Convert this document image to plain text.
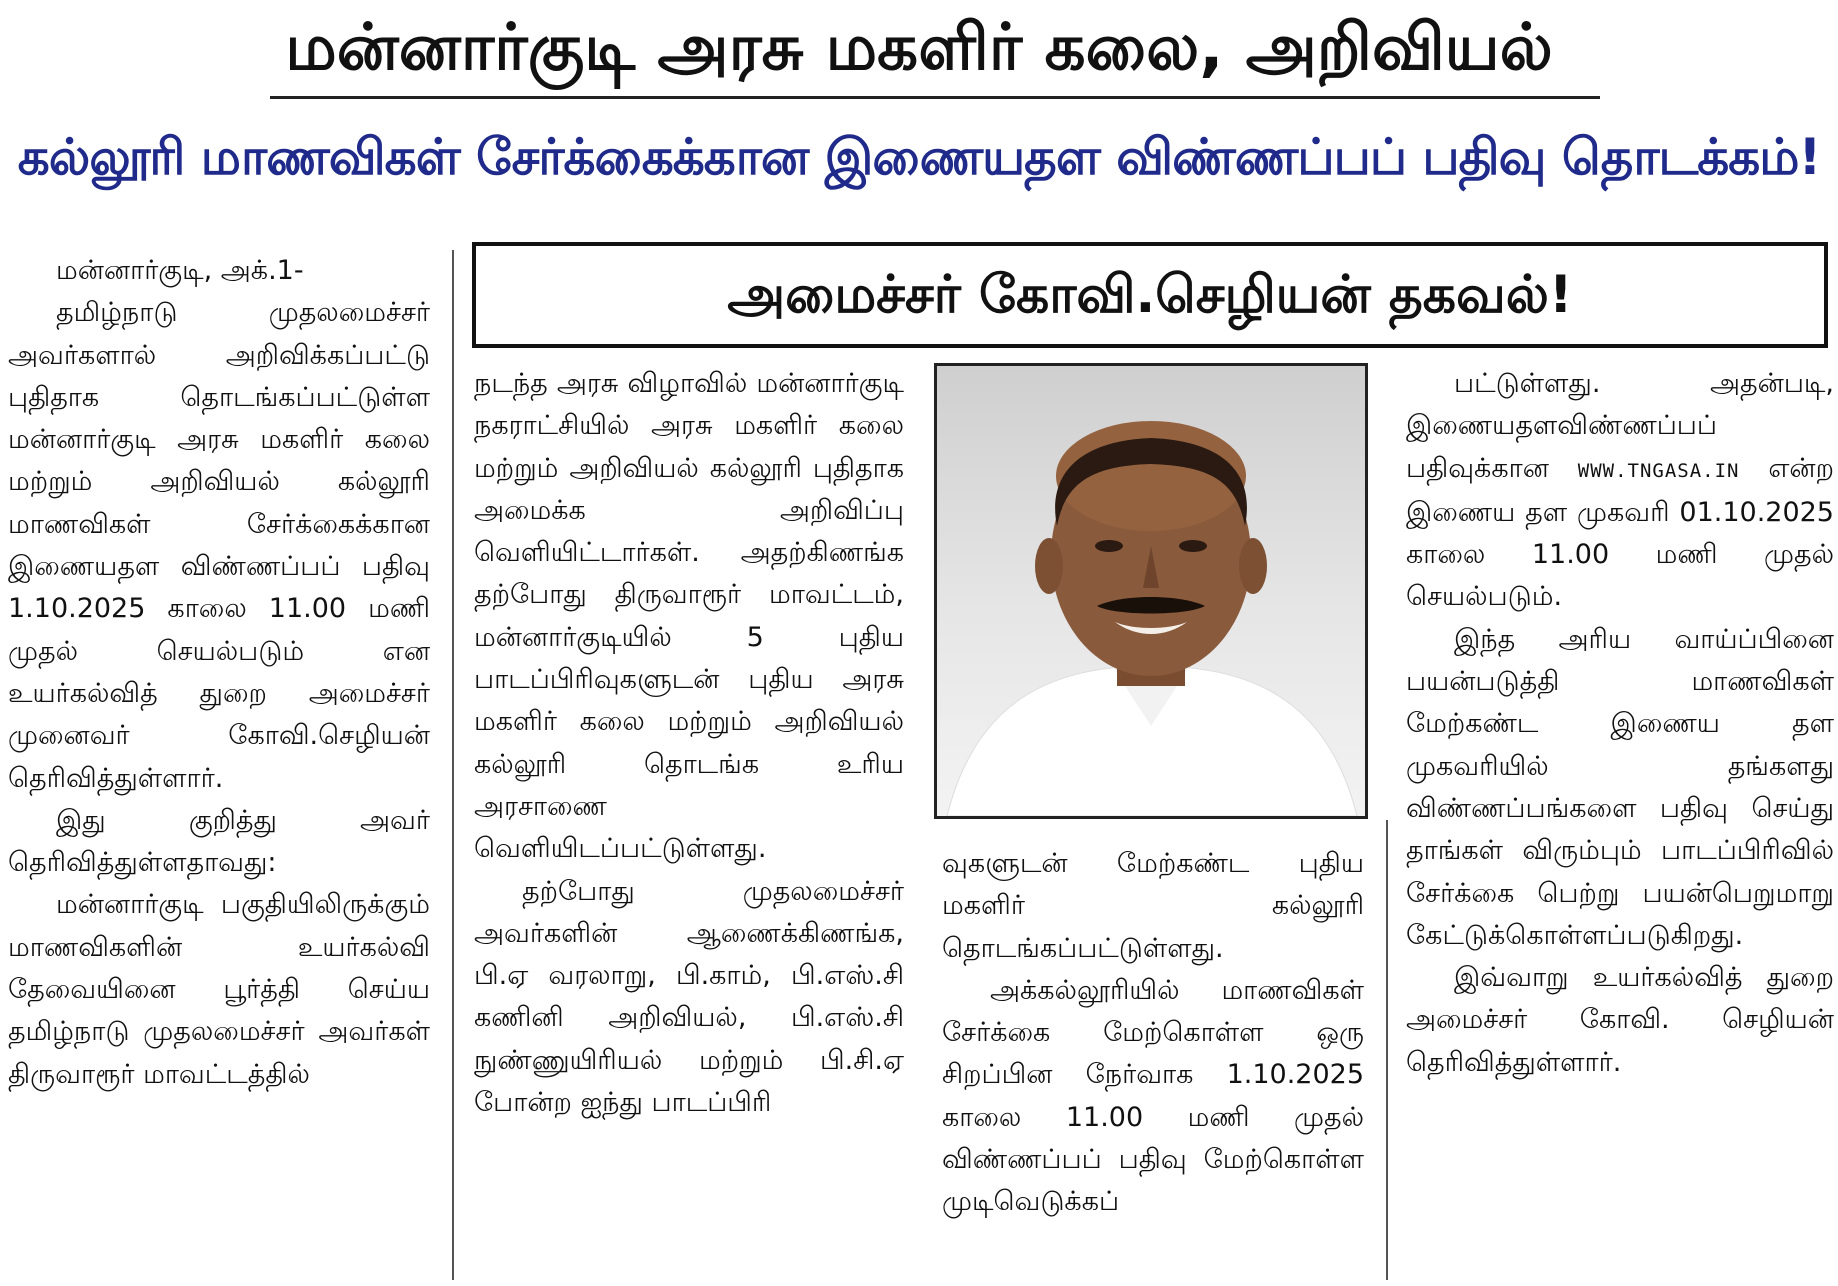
மன்னார்குடி அரசு மகளிர் கலை, அறிவியல்
கல்லூரி மாணவிகள் சேர்க்கைக்கான இணையதள விண்ணப்பப் பதிவு தொடக்கம்!
அமைச்சர் கோவி.செழியன் தகவல்!

மன்னார்குடி, அக்.1-

தமிழ்நாடு முதலமைச்சர் அவர்களால் அறிவிக்கப்பட்டு புதிதாக தொடங்கப்பட்டுள்ள மன்னார்குடி அரசு மகளிர் கலை மற்றும் அறிவியல் கல்லூரி மாணவிகள் சேர்க்கைக்கான இணையதள விண்ணப்பப் பதிவு 1.10.2025 காலை 11.00 மணி முதல் செயல்படும் என உயர்கல்வித் துறை அமைச்சர் முனைவர் கோவி.செழியன் தெரிவித்துள்ளார்.

இது குறித்து அவர் தெரிவித்துள்ளதாவது:

மன்னார்குடி பகுதியிலிருக்கும் மாணவிகளின் உயர்கல்வி தேவையினை பூர்த்தி செய்ய தமிழ்நாடு முதலமைச்சர் அவர்கள் திருவாரூர் மாவட்டத்தில்

நடந்த அரசு விழாவில் மன்னார்குடி நகராட்சியில் அரசு மகளிர் கலை மற்றும் அறிவியல் கல்லூரி புதிதாக அமைக்க அறிவிப்பு வெளியிட்டார்கள். அதற்கிணங்க தற்போது திருவாரூர் மாவட்டம், மன்னார்குடியில் 5 புதிய பாடப்பிரிவுகளுடன் புதிய அரசு மகளிர் கலை மற்றும் அறிவியல் கல்லூரி தொடங்க உரிய அரசாணை வெளியிடப்பட்டுள்ளது.

தற்போது முதலமைச்சர் அவர்களின் ஆணைக்கிணங்க, பி.ஏ வரலாறு, பி.காம், பி.எஸ்.சி கணினி அறிவியல், பி.எஸ்.சி நுண்ணுயிரியல் மற்றும் பி.சி.ஏ போன்ற ஐந்து பாடப்பிரி

வுகளுடன் மேற்கண்ட புதிய மகளிர் கல்லூரி தொடங்கப்பட்டுள்ளது.

அக்கல்லூரியில் மாணவிகள் சேர்க்கை மேற்கொள்ள ஒரு சிறப்பின நேர்வாக 1.10.2025 காலை 11.00 மணி முதல் விண்ணப்பப் பதிவு மேற்கொள்ள முடிவெடுக்கப்

பட்டுள்ளது. அதன்படி, இணையதளவிண்ணப்பப் பதிவுக்கான WWW.TNGASA.IN என்ற இணைய தள முகவரி 01.10.2025 காலை 11.00 மணி முதல் செயல்படும்.

இந்த அரிய வாய்ப்பினை பயன்படுத்தி மாணவிகள் மேற்கண்ட இணைய தள முகவரியில் தங்களது விண்ணப்பங்களை பதிவு செய்து தாங்கள் விரும்பும் பாடப்பிரிவில் சேர்க்கை பெற்று பயன்பெறுமாறு கேட்டுக்கொள்ளப்படுகிறது.

இவ்வாறு உயர்கல்வித் துறை அமைச்சர் கோவி. செழியன் தெரிவித்துள்ளார்.
